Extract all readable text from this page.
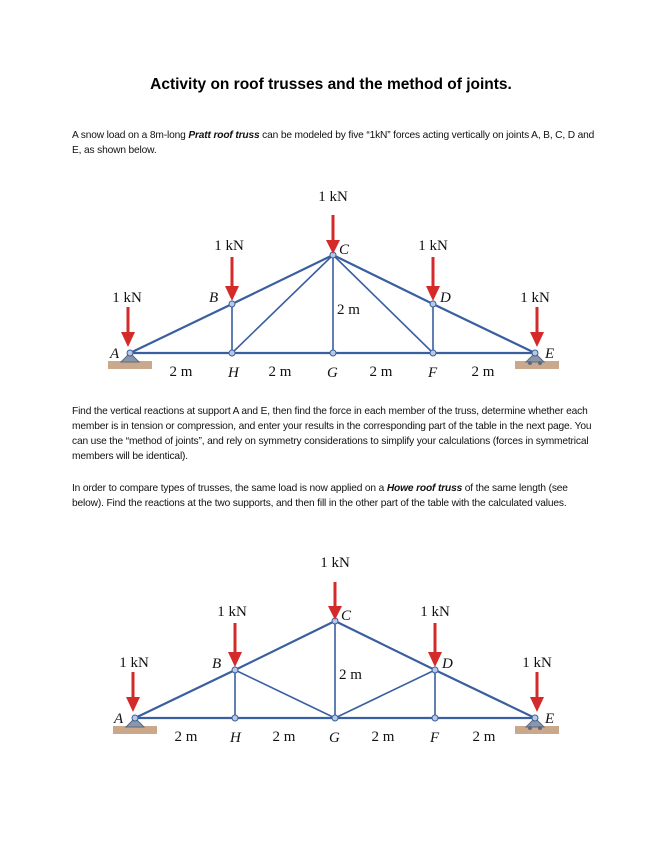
Activity on roof trusses and the method of joints.
A snow load on a 8m-long Pratt roof truss can be modeled by five “1kN” forces acting vertically on joints A, B, C, D and E, as shown below.
1 kN
1 kN	1 kN
1 kN	1 kN
A
B
C
D
E
H	G	F
2 m
2 m	2 m	2 m	2 m
Find the vertical reactions at support A and E, then find the force in each member of the truss, determine whether each member is in tension or compression, and enter your results in the corresponding part of the table in the next page. You can use the “method of joints”, and rely on symmetry considerations to simplify your calculations (forces in symmetrical members will be identical).
In order to compare types of trusses, the same load is now applied on a Howe roof truss of the same length (see below). Find the reactions at the two supports, and then fill in the other part of the table with the calculated values.
1 kN
1 kN	1 kN
1 kN	1 kN
A
B
C
D
E
H	G	F
2 m
2 m	2 m	2 m	2 m
